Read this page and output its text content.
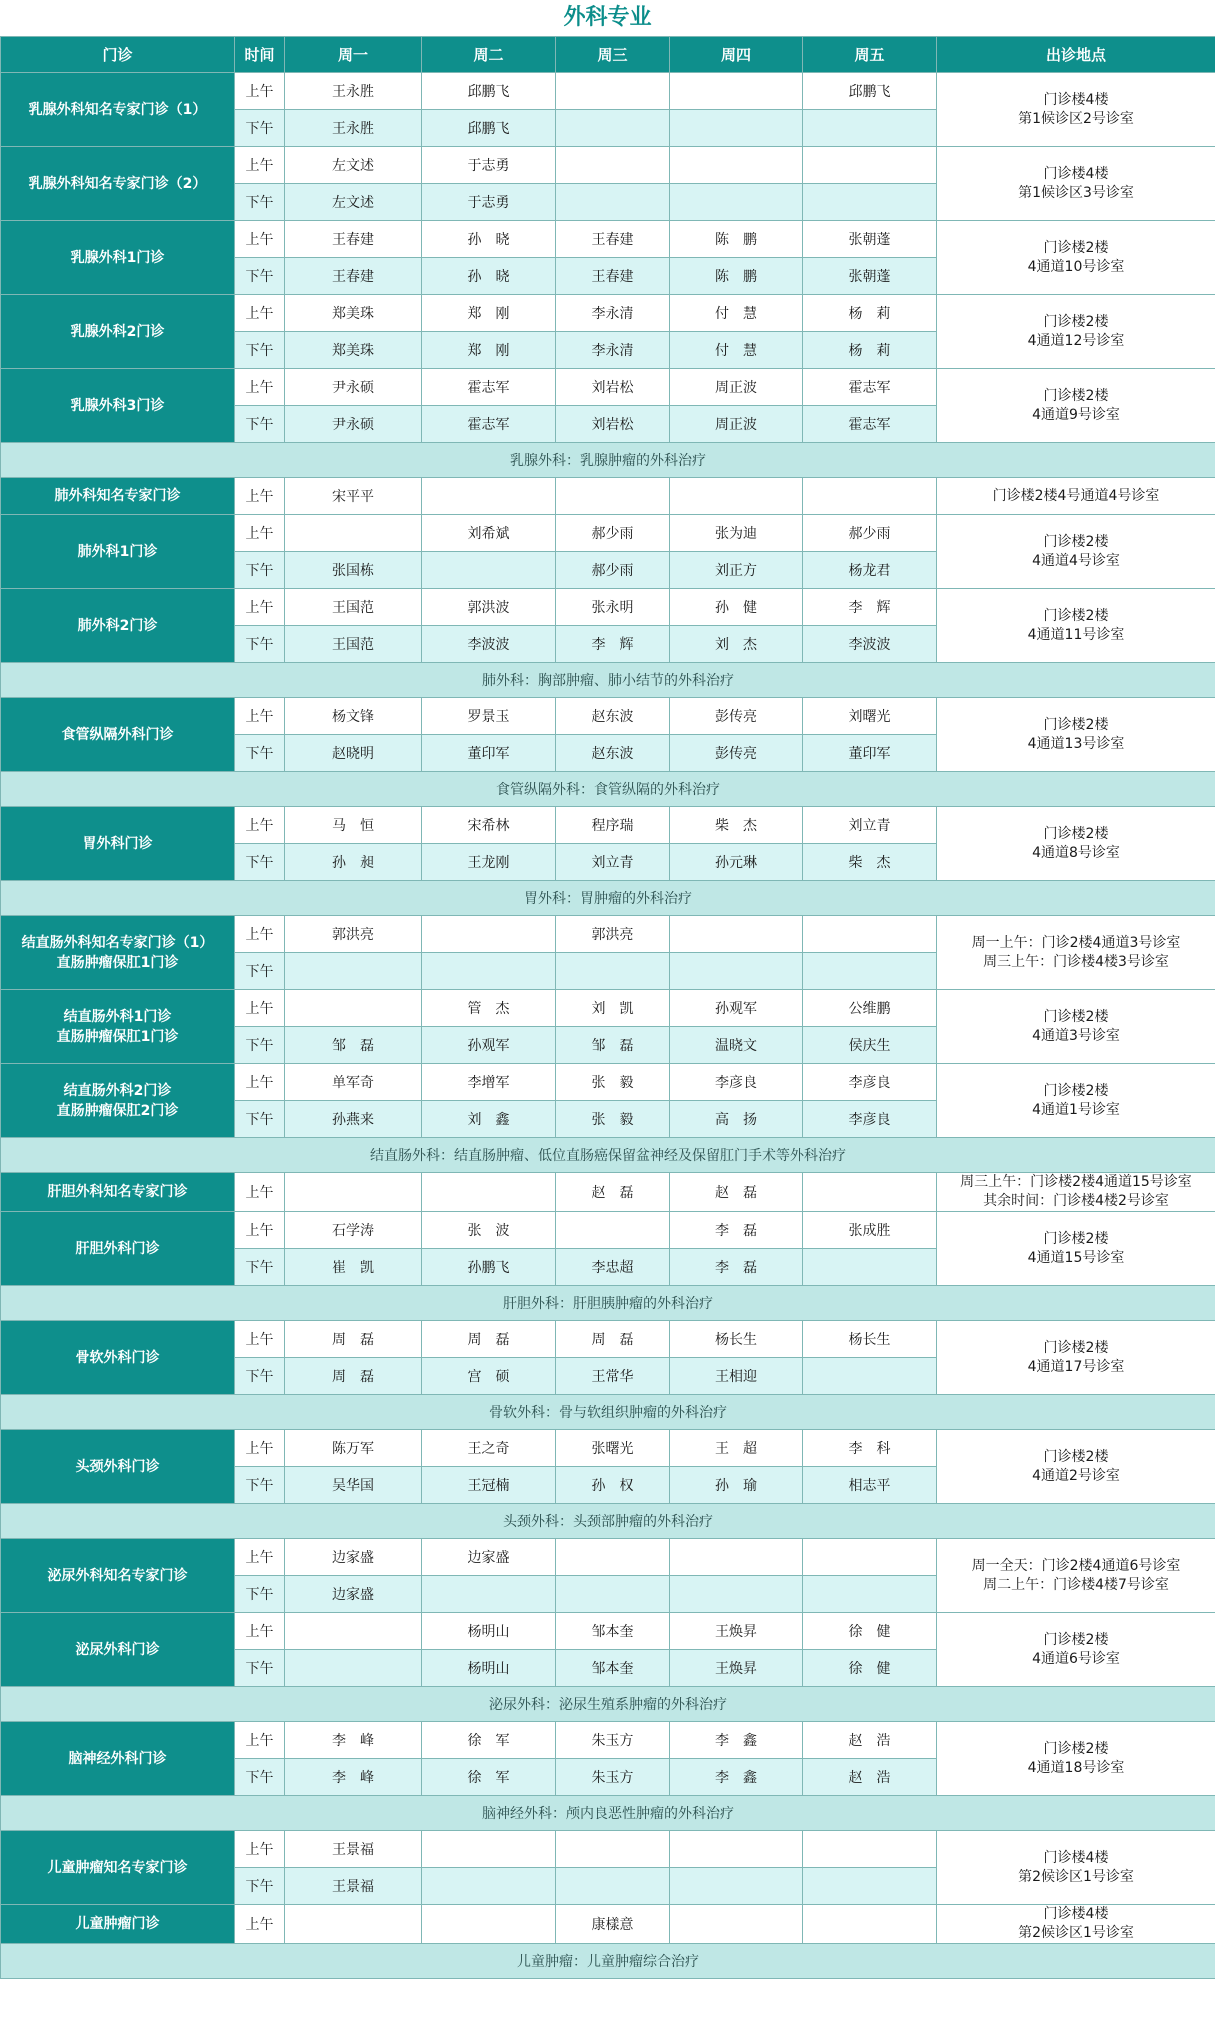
外科专业
门诊	时间	周一	周二	周三	周四	周五	出诊地点
乳腺外科知名专家门诊（1）	上午	王永胜	邱鹏飞			邱鹏飞	门诊楼4楼
第1候诊区2号诊室
	下午	王永胜	邱鹏飞				
乳腺外科知名专家门诊（2）	上午	左文述	于志勇				门诊楼4楼
第1候诊区3号诊室
	下午	左文述	于志勇				
乳腺外科1门诊	上午	王春建	孙　晓	王春建	陈　鹏	张朝蓬	门诊楼2楼
4通道10号诊室
	下午	王春建	孙　晓	王春建	陈　鹏	张朝蓬	
乳腺外科2门诊	上午	郑美珠	郑　刚	李永清	付　慧	杨　莉	门诊楼2楼
4通道12号诊室
	下午	郑美珠	郑　刚	李永清	付　慧	杨　莉	
乳腺外科3门诊	上午	尹永硕	霍志军	刘岩松	周正波	霍志军	门诊楼2楼
4通道9号诊室
	下午	尹永硕	霍志军	刘岩松	周正波	霍志军	
乳腺外科：乳腺肿瘤的外科治疗							
肺外科知名专家门诊	上午	宋平平					门诊楼2楼4号通道4号诊室
肺外科1门诊	上午		刘希斌	郝少雨	张为迪	郝少雨	门诊楼2楼
4通道4号诊室
	下午	张国栋		郝少雨	刘正方	杨龙君	
肺外科2门诊	上午	王国范	郭洪波	张永明	孙　健	李　辉	门诊楼2楼
4通道11号诊室
	下午	王国范	李波波	李　辉	刘　杰	李波波	
肺外科：胸部肿瘤、肺小结节的外科治疗							
食管纵隔外科门诊	上午	杨文锋	罗景玉	赵东波	彭传亮	刘曙光	门诊楼2楼
4通道13号诊室
	下午	赵晓明	董印军	赵东波	彭传亮	董印军	
食管纵隔外科：食管纵隔的外科治疗							
胃外科门诊	上午	马　恒	宋希林	程序瑞	柴　杰	刘立青	门诊楼2楼
4通道8号诊室
	下午	孙　昶	王龙刚	刘立青	孙元琳	柴　杰	
胃外科：胃肿瘤的外科治疗							
结直肠外科知名专家门诊（1）
直肠肿瘤保肛1门诊	上午	郭洪亮		郭洪亮			周一上午：门诊2楼4通道3号诊室
周三上午：门诊楼4楼3号诊室
	下午						
结直肠外科1门诊
直肠肿瘤保肛1门诊	上午		管　杰	刘　凯	孙观军	公维鹏	门诊楼2楼
4通道3号诊室
	下午	邹　磊	孙观军	邹　磊	温晓文	侯庆生	
结直肠外科2门诊
直肠肿瘤保肛2门诊	上午	单军奇	李增军	张　毅	李彦良	李彦良	门诊楼2楼
4通道1号诊室
	下午	孙燕来	刘　鑫	张　毅	高　扬	李彦良	
结直肠外科：结直肠肿瘤、低位直肠癌保留盆神经及保留肛门手术等外科治疗							
肝胆外科知名专家门诊	上午			赵　磊	赵　磊		周三上午：门诊楼2楼4通道15号诊室
其余时间：门诊楼4楼2号诊室
肝胆外科门诊	上午	石学涛	张　波		李　磊	张成胜	门诊楼2楼
4通道15号诊室
	下午	崔　凯	孙鹏飞	李忠超	李　磊		
肝胆外科：肝胆胰肿瘤的外科治疗							
骨软外科门诊	上午	周　磊	周　磊	周　磊	杨长生	杨长生	门诊楼2楼
4通道17号诊室
	下午	周　磊	宫　硕	王常华	王相迎		
骨软外科：骨与软组织肿瘤的外科治疗							
头颈外科门诊	上午	陈万军	王之奇	张曙光	王　超	李　科	门诊楼2楼
4通道2号诊室
	下午	吴华国	王冠楠	孙　权	孙　瑜	相志平	
头颈外科：头颈部肿瘤的外科治疗							
泌尿外科知名专家门诊	上午	边家盛	边家盛				周一全天：门诊2楼4通道6号诊室
周二上午：门诊楼4楼7号诊室
	下午	边家盛					
泌尿外科门诊	上午		杨明山	邹本奎	王焕昇	徐　健	门诊楼2楼
4通道6号诊室
	下午		杨明山	邹本奎	王焕昇	徐　健	
泌尿外科：泌尿生殖系肿瘤的外科治疗							
脑神经外科门诊	上午	李　峰	徐　军	朱玉方	李　鑫	赵　浩	门诊楼2楼
4通道18号诊室
	下午	李　峰	徐　军	朱玉方	李　鑫	赵　浩	
脑神经外科：颅内良恶性肿瘤的外科治疗							
儿童肿瘤知名专家门诊	上午	王景福					门诊楼4楼
第2候诊区1号诊室
	下午	王景福					
儿童肿瘤门诊	上午			康樣意			门诊楼4楼
第2候诊区1号诊室
儿童肿瘤：儿童肿瘤综合治疗							
